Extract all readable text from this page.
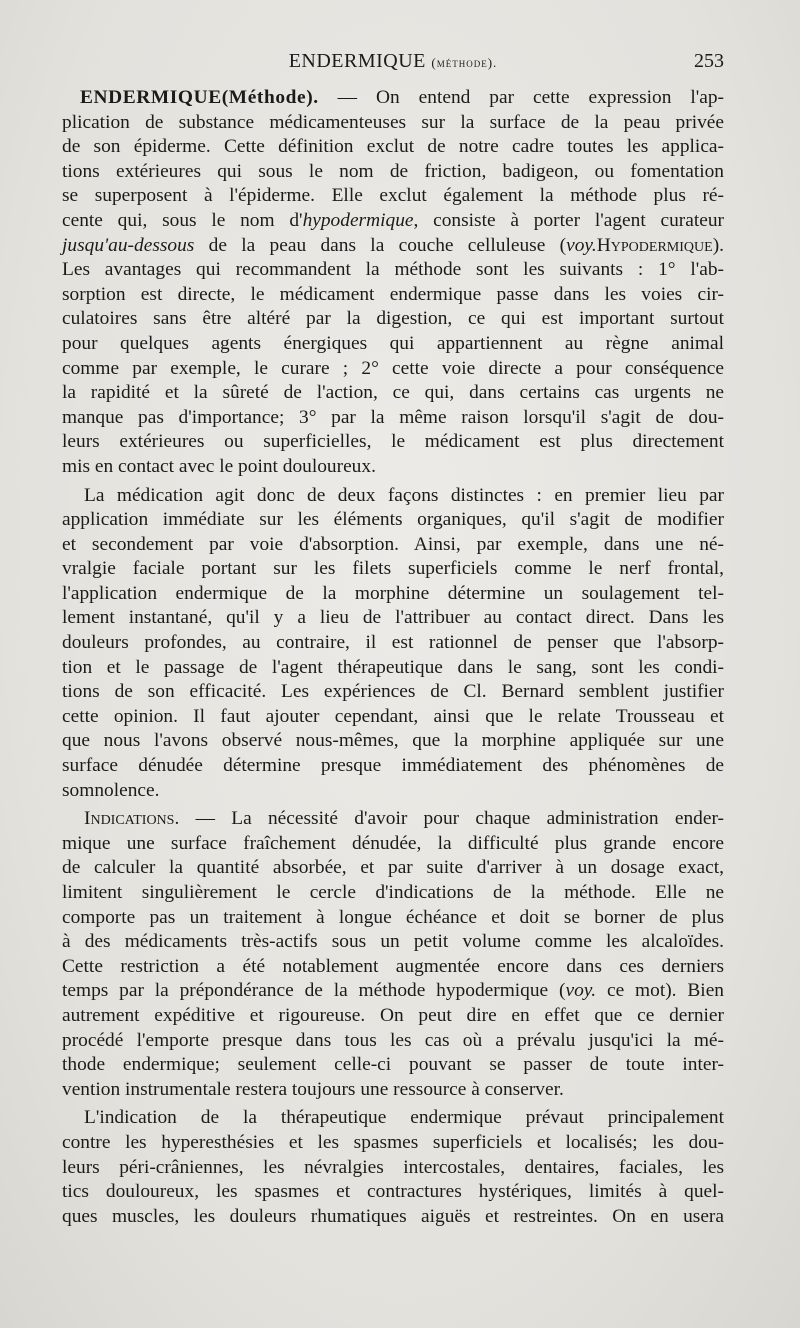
ENDERMIQUE (méthode).	253
ENDERMIQUE(Méthode). — On entend par cette expression l'ap-
plication de substance médicamenteuses sur la surface de la peau privée
de son épiderme. Cette définition exclut de notre cadre toutes les applica-
tions extérieures qui sous le nom de friction, badigeon, ou fomentation
se superposent à l'épiderme. Elle exclut également la méthode plus ré-
cente qui, sous le nom d'hypodermique, consiste à porter l'agent curateur
jusqu'au-dessous de la peau dans la couche celluleuse (voy.Hypodermique).
Les avantages qui recommandent la méthode sont les suivants : 1° l'ab-
sorption est directe, le médicament endermique passe dans les voies cir-
culatoires sans être altéré par la digestion, ce qui est important surtout
pour quelques agents énergiques qui appartiennent au règne animal
comme par exemple, le curare ; 2° cette voie directe a pour conséquence
la rapidité et la sûreté de l'action, ce qui, dans certains cas urgents ne
manque pas d'importance; 3° par la même raison lorsqu'il s'agit de dou-
leurs extérieures ou superficielles, le médicament est plus directement
mis en contact avec le point douloureux.
La médication agit donc de deux façons distinctes : en premier lieu par
application immédiate sur les éléments organiques, qu'il s'agit de modifier
et secondement par voie d'absorption. Ainsi, par exemple, dans une né-
vralgie faciale portant sur les filets superficiels comme le nerf frontal,
l'application endermique de la morphine détermine un soulagement tel-
lement instantané, qu'il y a lieu de l'attribuer au contact direct. Dans les
douleurs profondes, au contraire, il est rationnel de penser que l'absorp-
tion et le passage de l'agent thérapeutique dans le sang, sont les condi-
tions de son efficacité. Les expériences de Cl. Bernard semblent justifier
cette opinion. Il faut ajouter cependant, ainsi que le relate Trousseau et
que nous l'avons observé nous-mêmes, que la morphine appliquée sur une
surface dénudée détermine presque immédiatement des phénomènes de
somnolence.
Indications. — La nécessité d'avoir pour chaque administration ender-
mique une surface fraîchement dénudée, la difficulté plus grande encore
de calculer la quantité absorbée, et par suite d'arriver à un dosage exact,
limitent singulièrement le cercle d'indications de la méthode. Elle ne
comporte pas un traitement à longue échéance et doit se borner de plus
à des médicaments très-actifs sous un petit volume comme les alcaloïdes.
Cette restriction a été notablement augmentée encore dans ces derniers
temps par la prépondérance de la méthode hypodermique (voy. ce mot). Bien
autrement expéditive et rigoureuse. On peut dire en effet que ce dernier
procédé l'emporte presque dans tous les cas où a prévalu jusqu'ici la mé-
thode endermique; seulement celle-ci pouvant se passer de toute inter-
vention instrumentale restera toujours une ressource à conserver.
L'indication de la thérapeutique endermique prévaut principalement
contre les hyperesthésies et les spasmes superficiels et localisés; les dou-
leurs péri-crâniennes, les névralgies intercostales, dentaires, faciales, les
tics douloureux, les spasmes et contractures hystériques, limités à quel-
ques muscles, les douleurs rhumatiques aiguës et restreintes. On en usera
